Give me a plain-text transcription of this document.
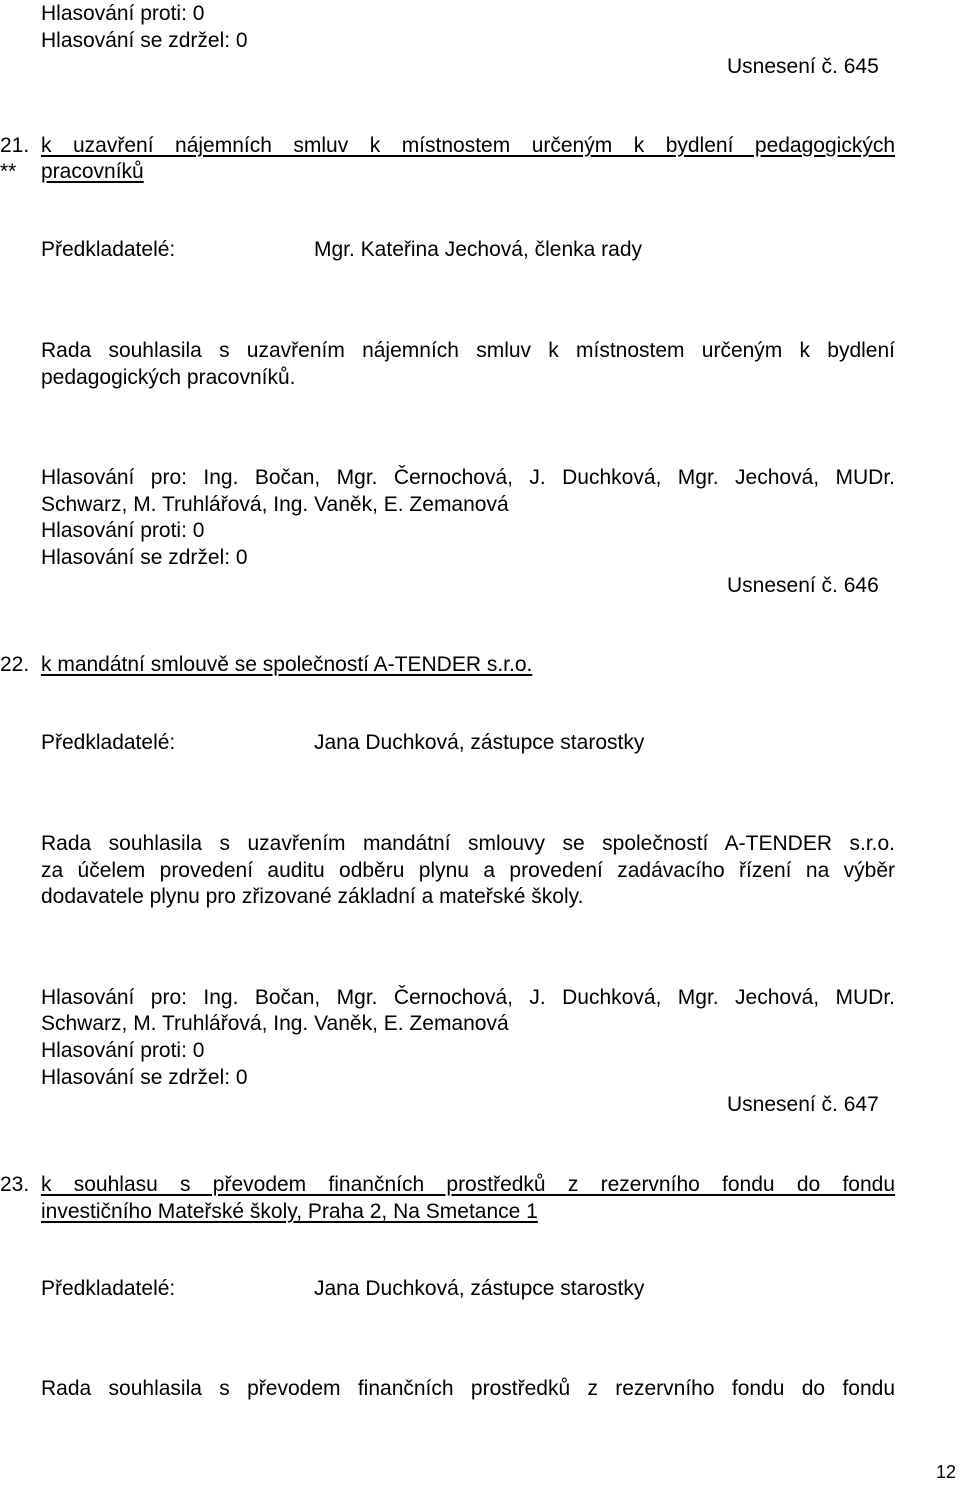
Hlasování proti: 0
Hlasování se zdržel: 0
Usnesení č. 645
21.
**
k uzavření nájemních smluv k místnostem určeným k bydlení pedagogických
pracovníků
Předkladatelé:	Mgr. Kateřina Jechová, členka rady
Rada souhlasila s uzavřením nájemních smluv k místnostem určeným k bydlení
pedagogických pracovníků.
Hlasování pro: Ing. Bočan, Mgr. Černochová, J. Duchková, Mgr. Jechová, MUDr.
Schwarz, M. Truhlářová, Ing. Vaněk, E. Zemanová
Hlasování proti: 0
Hlasování se zdržel: 0
Usnesení č. 646
22. k mandátní smlouvě se společností A-TENDER s.r.o.
Předkladatelé:	Jana Duchková, zástupce starostky
Rada souhlasila s uzavřením mandátní smlouvy se společností A-TENDER s.r.o.
za účelem provedení auditu odběru plynu a provedení zadávacího řízení na výběr
dodavatele plynu pro zřizované základní a mateřské školy.
Hlasování pro: Ing. Bočan, Mgr. Černochová, J. Duchková, Mgr. Jechová, MUDr.
Schwarz, M. Truhlářová, Ing. Vaněk, E. Zemanová
Hlasování proti: 0
Hlasování se zdržel: 0
Usnesení č. 647
23. k souhlasu s převodem finančních prostředků z rezervního fondu do fondu
investičního Mateřské školy, Praha 2, Na Smetance 1
Předkladatelé:	Jana Duchková, zástupce starostky
Rada souhlasila s převodem finančních prostředků z rezervního fondu do fondu
12
